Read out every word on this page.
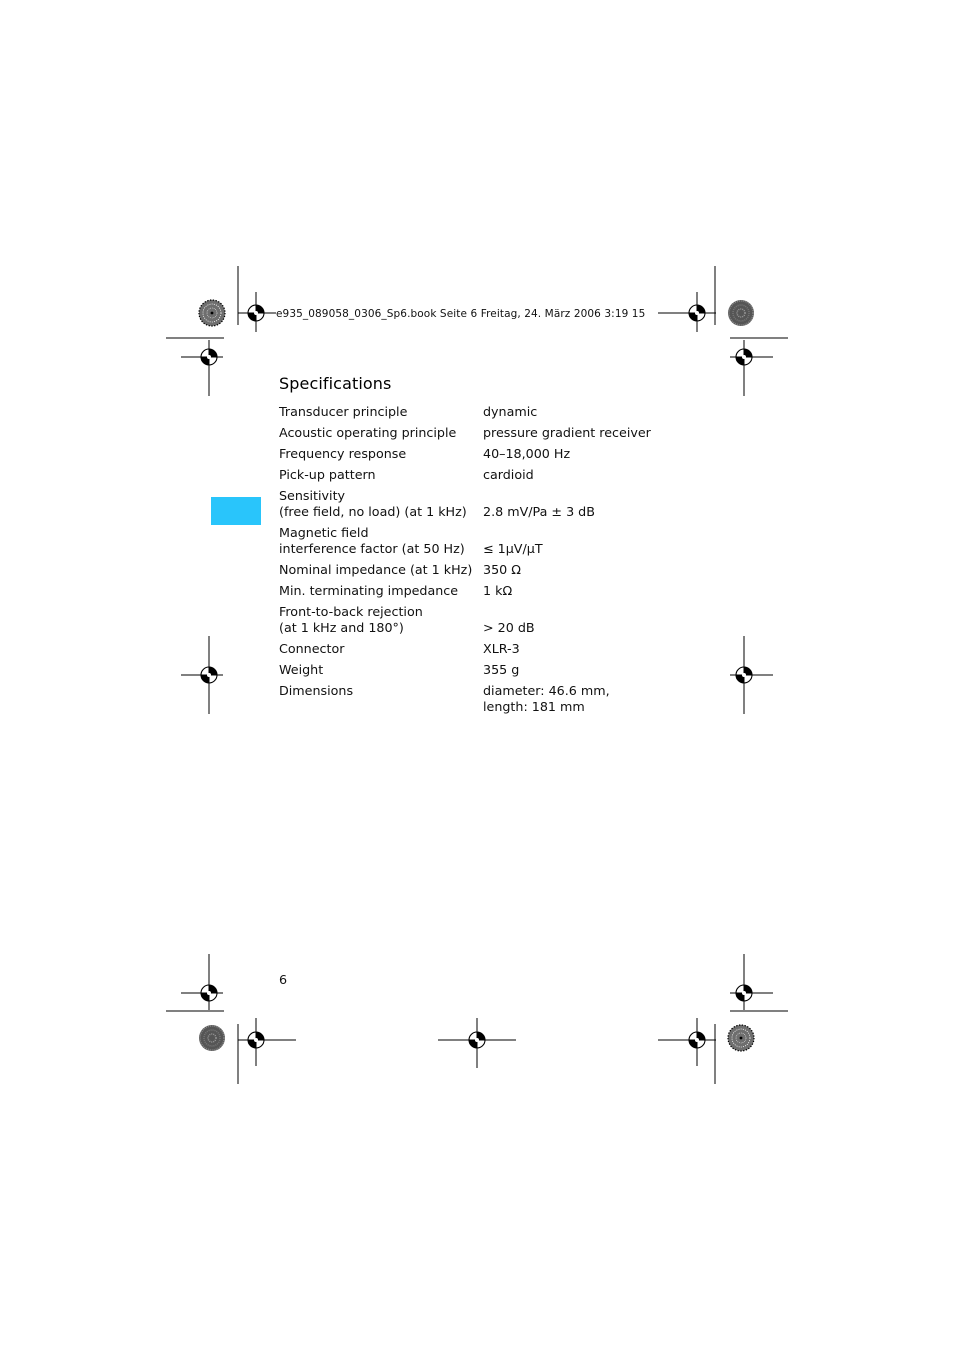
e935_089058_0306_Sp6.book Seite 6 Freitag, 24. März 2006 3:19 15
Specifications
Transducer principle	dynamic
Acoustic operating principle	pressure gradient receiver
Frequency response	40–18,000 Hz
Pick-up pattern	cardioid
Sensitivity
(free field, no load) (at 1 kHz)	2.8 mV/Pa ± 3 dB
Magnetic field
interference factor (at 50 Hz)	≤ 1µV/µT
Nominal impedance (at 1 kHz)	350 Ω
Min. terminating impedance	1 kΩ
Front-to-back rejection
(at 1 kHz and 180°)	> 20 dB
Connector	XLR-3
Weight	355 g
Dimensions	diameter: 46.6 mm,
length: 181 mm
6
